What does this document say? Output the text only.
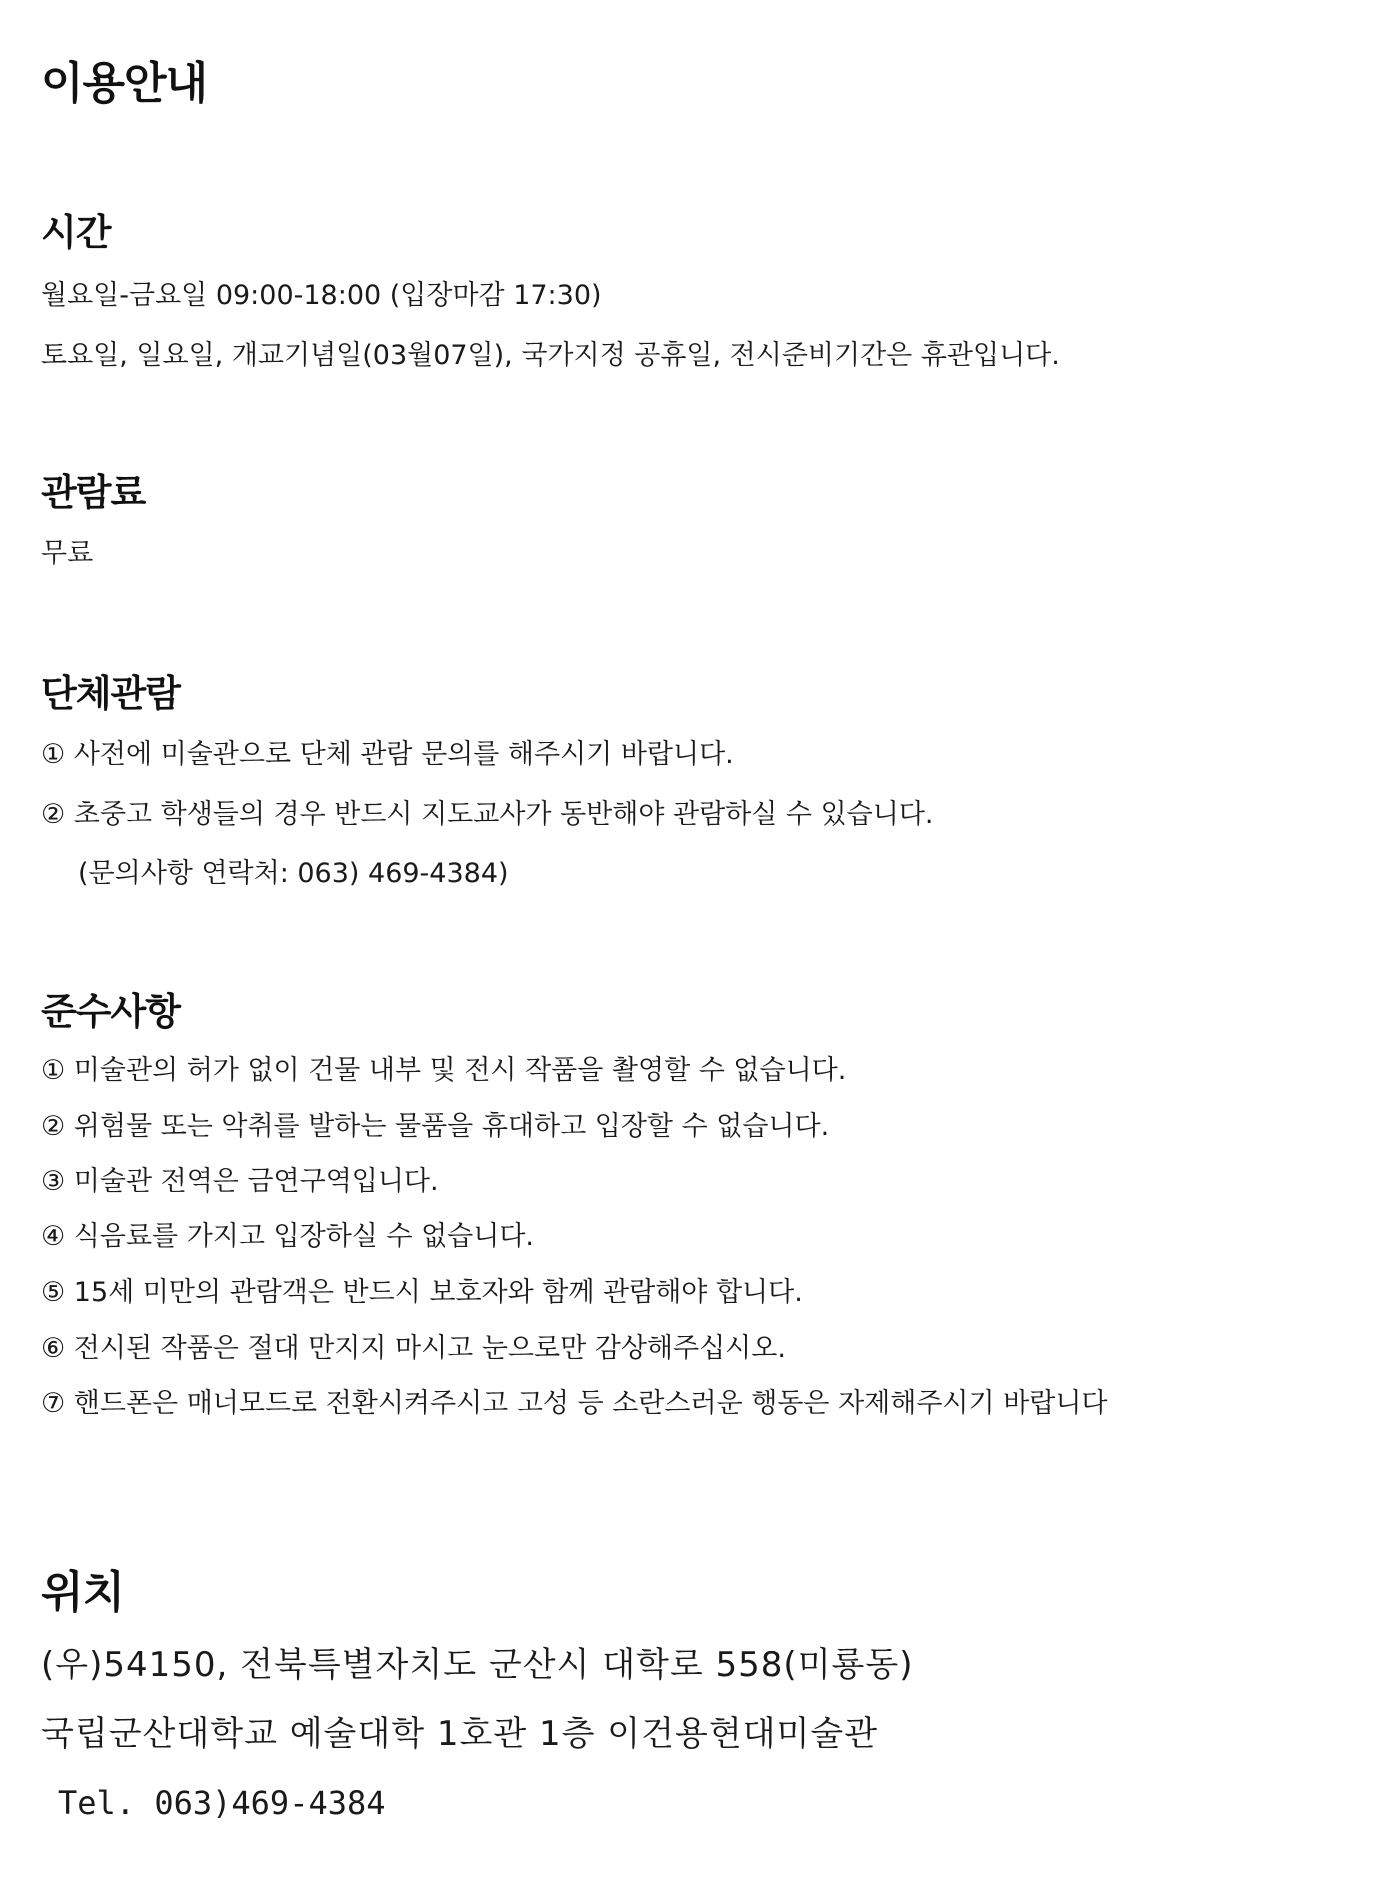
이용안내
시간
월요일-금요일 09:00-18:00 (입장마감 17:30)
토요일, 일요일, 개교기념일(03월07일), 국가지정 공휴일, 전시준비기간은 휴관입니다.
관람료
무료
단체관람
① 사전에 미술관으로 단체 관람 문의를 해주시기 바랍니다.
② 초중고 학생들의 경우 반드시 지도교사가 동반해야 관람하실 수 있습니다.
(문의사항 연락처: 063) 469-4384)
준수사항
① 미술관의 허가 없이 건물 내부 및 전시 작품을 촬영할 수 없습니다.
② 위험물 또는 악취를 발하는 물품을 휴대하고 입장할 수 없습니다.
③ 미술관 전역은 금연구역입니다.
④ 식음료를 가지고 입장하실 수 없습니다.
⑤ 15세 미만의 관람객은 반드시 보호자와 함께 관람해야 합니다.
⑥ 전시된 작품은 절대 만지지 마시고 눈으로만 감상해주십시오.
⑦ 핸드폰은 매너모드로 전환시켜주시고 고성 등 소란스러운 행동은 자제해주시기 바랍니다
위치
(우)54150, 전북특별자치도 군산시 대학로 558(미룡동)
국립군산대학교 예술대학 1호관 1층 이건용현대미술관
Tel. 063)469-4384
